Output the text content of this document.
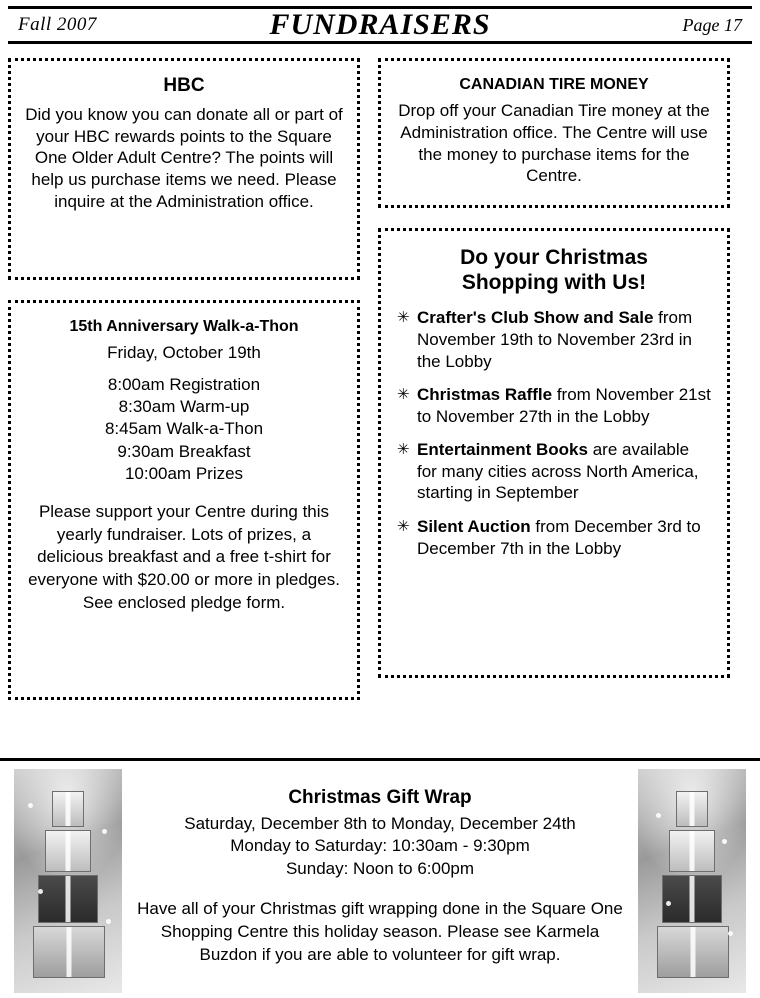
Fall 2007	FUNDRAISERS	Page 17
HBC
Did you know you can donate all or part of your HBC rewards points to the Square One Older Adult Centre? The points will help us purchase items we need. Please inquire at the Administration office.
15th Anniversary Walk-a-Thon
Friday, October 19th
8:00am Registration
8:30am Warm-up
8:45am Walk-a-Thon
9:30am Breakfast
10:00am Prizes
Please support your Centre during this yearly fundraiser. Lots of prizes, a delicious breakfast and a free t-shirt for everyone with $20.00 or more in pledges. See enclosed pledge form.
CANADIAN TIRE MONEY
Drop off your Canadian Tire money at the Administration office. The Centre will use the money to purchase items for the Centre.
Do your Christmas
Shopping with Us!
✳ Crafter's Club Show and Sale from November 19th to November 23rd in the Lobby
✳ Christmas Raffle from November 21st to November 27th in the Lobby
✳ Entertainment Books are available for many cities across North America, starting in September
✳ Silent Auction from December 3rd to December 7th in the Lobby
Christmas Gift Wrap
Saturday, December 8th to Monday, December 24th
Monday to Saturday: 10:30am - 9:30pm
Sunday: Noon to 6:00pm
Have all of your Christmas gift wrapping done in the Square One Shopping Centre this holiday season. Please see Karmela Buzdon if you are able to volunteer for gift wrap.
